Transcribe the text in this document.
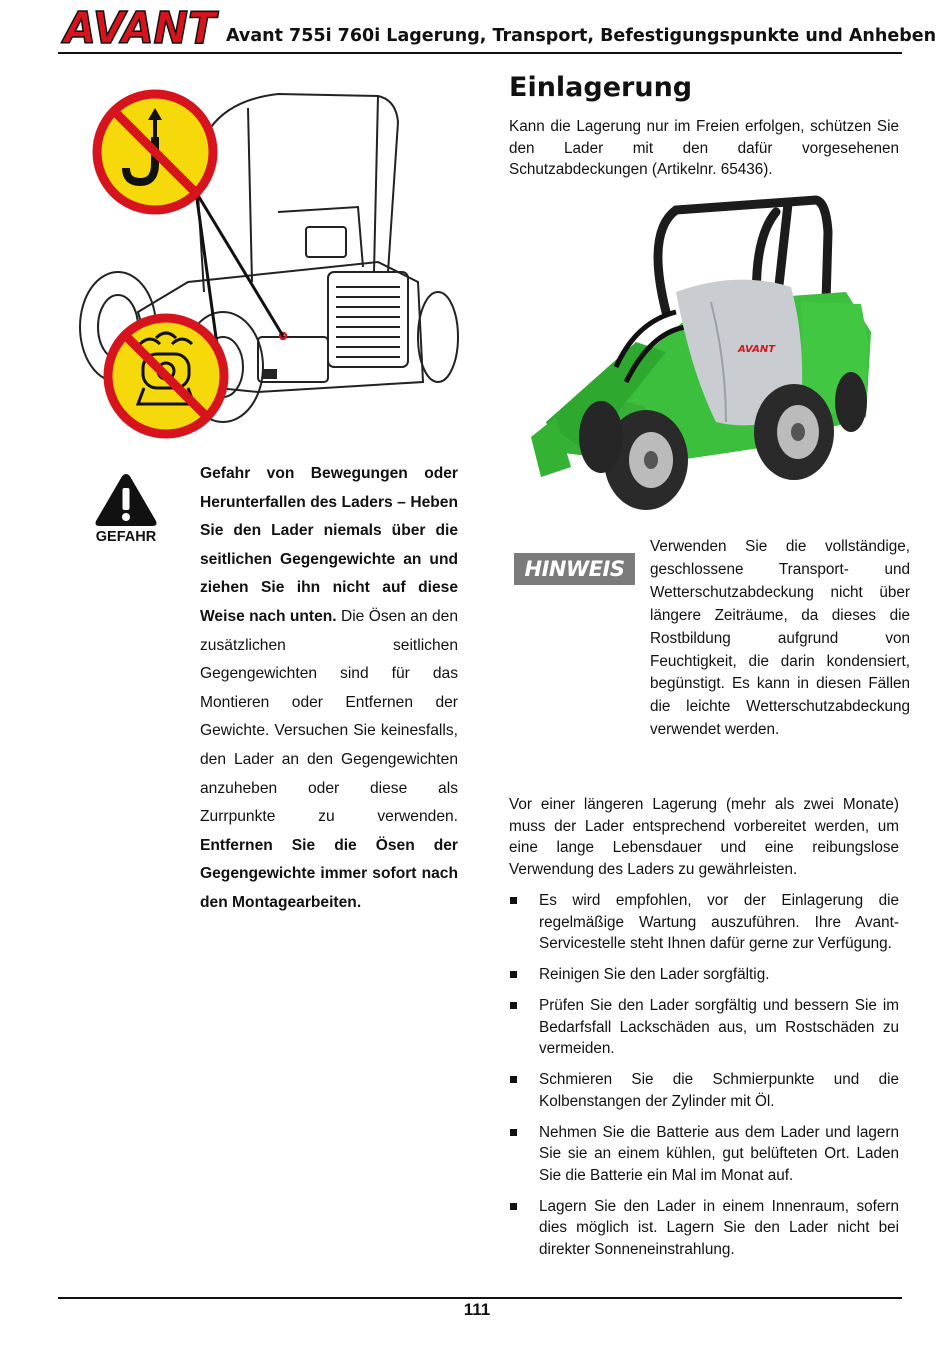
AVANT Avant 755i 760i Lagerung, Transport, Befestigungspunkte und Anheben
Einlagerung
Kann die Lagerung nur im Freien erfolgen, schützen Sie den Lader mit den dafür vorgesehenen Schutzabdeckungen (Artikelnr. 65436).
AVANT
GEFAHR
Gefahr von Bewegungen oder Herunterfallen des Laders – Heben Sie den Lader niemals über die seitlichen Gegengewichte an und ziehen Sie ihn nicht auf diese Weise nach unten. Die Ösen an den zusätzlichen seitlichen Gegengewichten sind für das Montieren oder Entfernen der Gewichte. Versuchen Sie keinesfalls, den Lader an den Gegengewichten anzuheben oder diese als Zurrpunkte zu verwenden. Entfernen Sie die Ösen der Gegengewichte immer sofort nach den Montagearbeiten.
HINWEIS
Verwenden Sie die vollständige, geschlossene Transport- und Wetterschutzabdeckung nicht über längere Zeiträume, da dieses die Rostbildung aufgrund von Feuchtigkeit, die darin kondensiert, begünstigt. Es kann in diesen Fällen die leichte Wetterschutzabdeckung verwendet werden.
Vor einer längeren Lagerung (mehr als zwei Monate) muss der Lader entsprechend vorbereitet werden, um eine lange Lebensdauer und eine reibungslose Verwendung des Laders zu gewährleisten.
Es wird empfohlen, vor der Einlagerung die regelmäßige Wartung auszuführen. Ihre Avant-Servicestelle steht Ihnen dafür gerne zur Verfügung.
Reinigen Sie den Lader sorgfältig.
Prüfen Sie den Lader sorgfältig und bessern Sie im Bedarfsfall Lackschäden aus, um Rostschäden zu vermeiden.
Schmieren Sie die Schmierpunkte und die Kolbenstangen der Zylinder mit Öl.
Nehmen Sie die Batterie aus dem Lader und lagern Sie sie an einem kühlen, gut belüfteten Ort. Laden Sie die Batterie ein Mal im Monat auf.
Lagern Sie den Lader in einem Innenraum, sofern dies möglich ist. Lagern Sie den Lader nicht bei direkter Sonneneinstrahlung.
111
